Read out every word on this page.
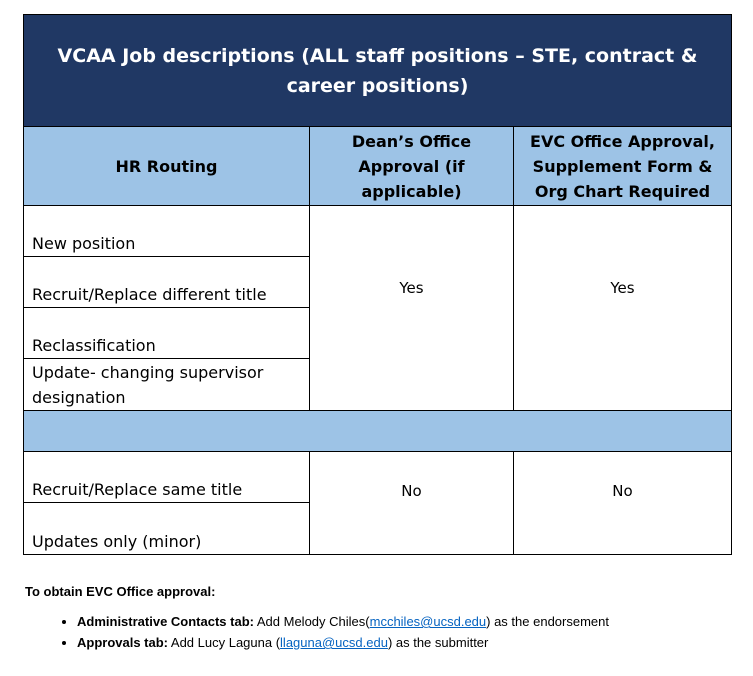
VCAA Job descriptions (ALL staff positions – STE, contract & career positions)
HR Routing
Dean’s Office Approval (if applicable)
EVC Office Approval, Supplement Form & Org Chart Required
New position
Recruit/Replace different title
Reclassification
Update- changing supervisor designation
Yes	Yes
Recruit/Replace same title
Updates only (minor)
No	No
To obtain EVC Office approval:
• Administrative Contacts tab: Add Melody Chiles(mcchiles@ucsd.edu) as the endorsement
• Approvals tab: Add Lucy Laguna (llaguna@ucsd.edu) as the submitter
